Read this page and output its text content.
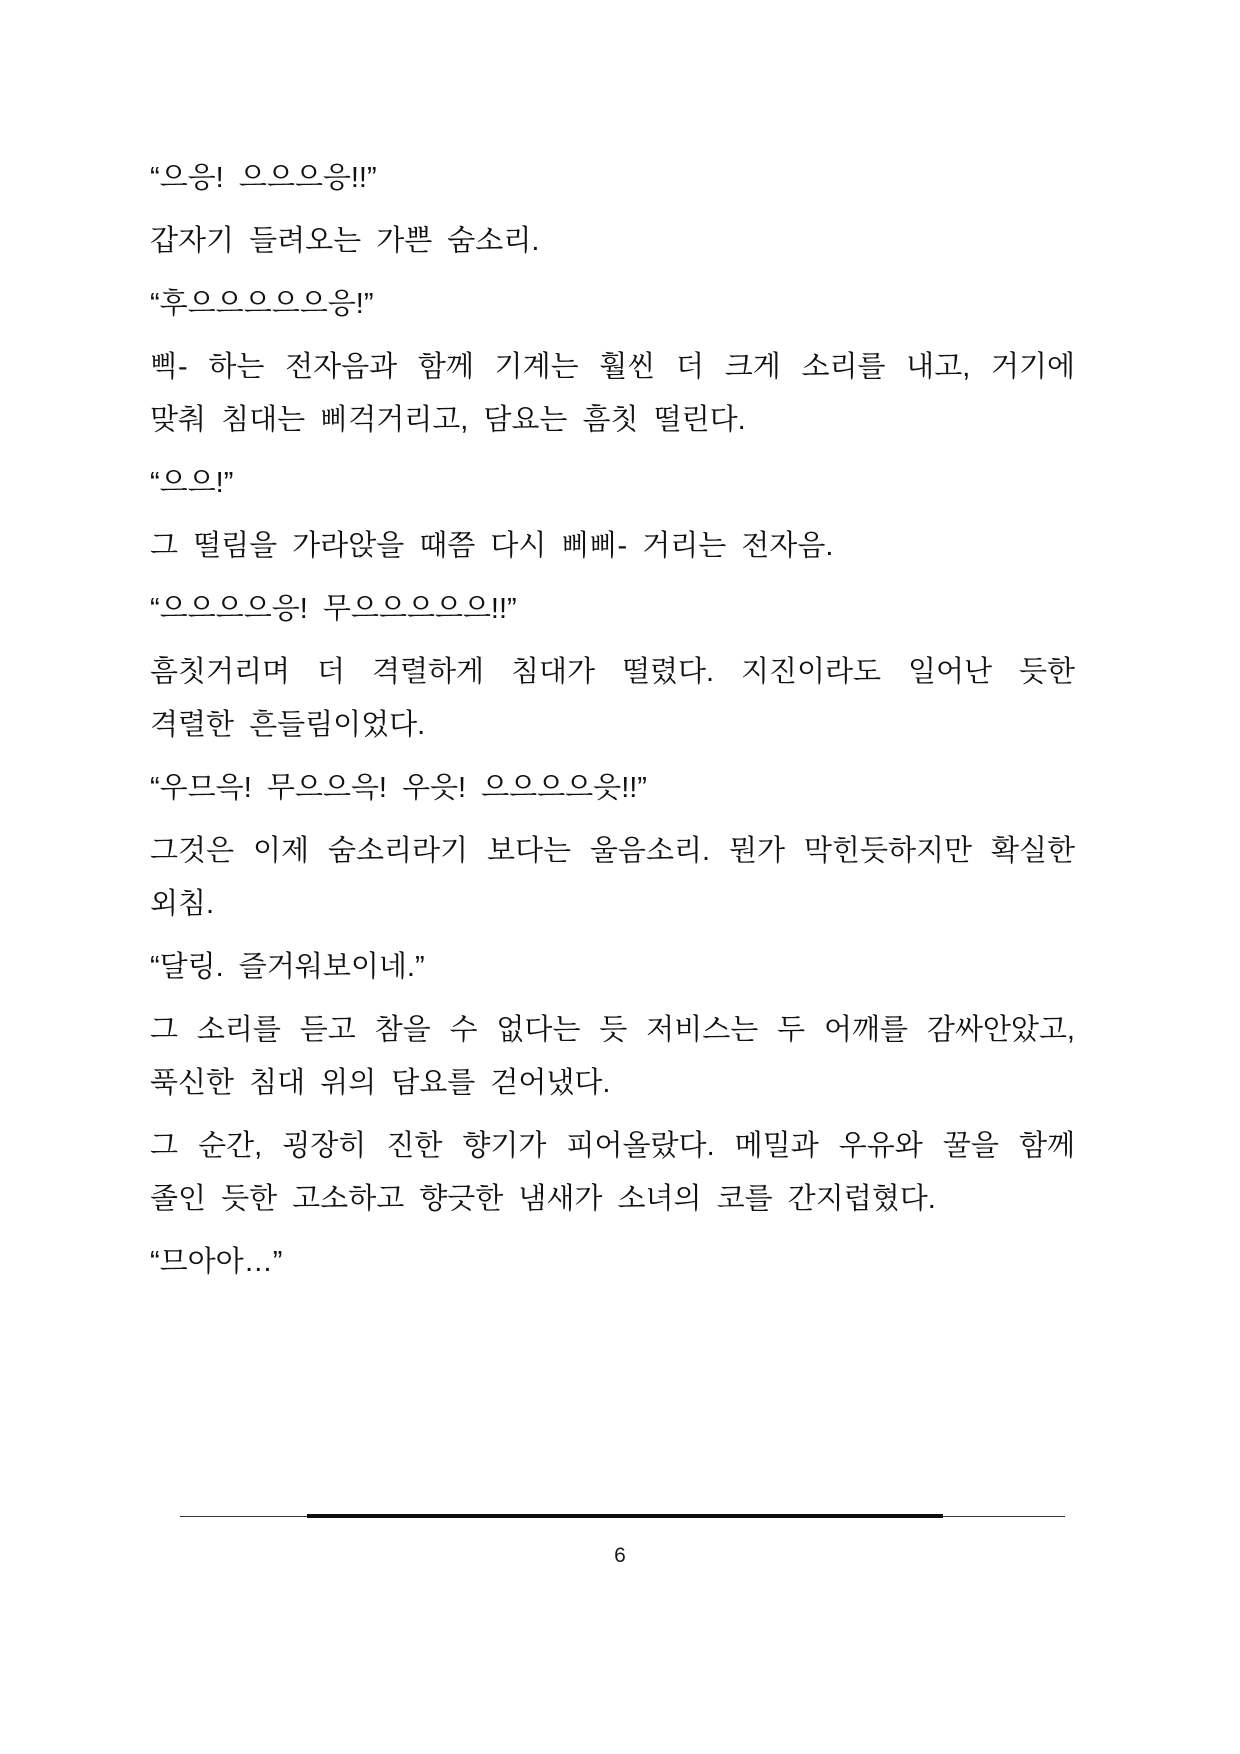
“으응! 으으으응!!”
갑자기 들려오는 가쁜 숨소리.
“후으으으으으응!”
삑- 하는 전자음과 함께 기계는 훨씬 더 크게 소리를 내고, 거기에
맞춰 침대는 삐걱거리고, 담요는 흠칫 떨린다.
“으으!”
그 떨림을 가라앉을 때쯤 다시 삐삐- 거리는 전자음.
“으으으으응! 무으으으으으!!”
흠칫거리며 더 격렬하게 침대가 떨렸다. 지진이라도 일어난 듯한
격렬한 흔들림이었다.
“우므윽! 무으으윽! 우읏! 으으으으읏!!”
그것은 이제 숨소리라기 보다는 울음소리. 뭔가 막힌듯하지만 확실한
외침.
“달링. 즐거워보이네.”
그 소리를 듣고 참을 수 없다는 듯 저비스는 두 어깨를 감싸안았고,
푹신한 침대 위의 담요를 걷어냈다.
그 순간, 굉장히 진한 향기가 피어올랐다. 메밀과 우유와 꿀을 함께
졸인 듯한 고소하고 향긋한 냄새가 소녀의 코를 간지럽혔다.
“므아아…”
6
